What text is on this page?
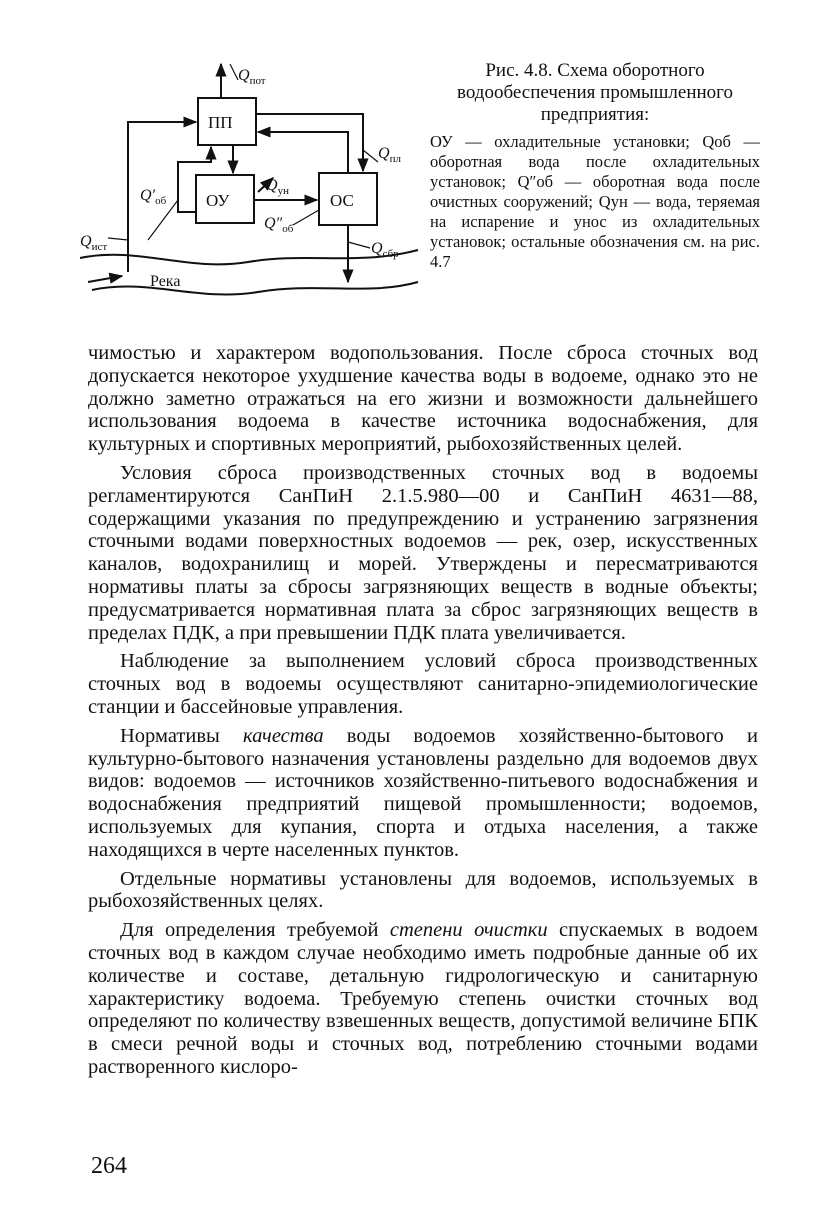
ПП
ОУ	ОС
$Q_{пот}$
$Q_{пл}$
$Q'_{об}$
$Q_{ун}$
$Q''_{об}$
$Q_{ист}$	$Q_{сбр}$
Река

Рис. 4.8. Схема оборотного водообеспечения промышленного предприятия:

ОУ — охладительные установки; Qоб — оборотная вода после охладительных установок; Q″об — оборотная вода после очистных сооружений; Qун — вода, теряемая на испарение и унос из охладительных установок; остальные обозначения см. на рис. 4.7

чимостью и характером водопользования. После сброса сточных вод допускается некоторое ухудшение качества воды в водоеме, однако это не должно заметно отражаться на его жизни и возможности дальнейшего использования водоема в качестве источника водоснабжения, для культурных и спортивных мероприятий, рыбохозяйственных целей.

Условия сброса производственных сточных вод в водоемы регламентируются СанПиН 2.1.5.980—00 и СанПиН 4631—88, содержащими указания по предупреждению и устранению загрязнения сточными водами поверхностных водоемов — рек, озер, искусственных каналов, водохранилищ и морей. Утверждены и пересматриваются нормативы платы за сбросы загрязняющих веществ в водные объекты; предусматривается нормативная плата за сброс загрязняющих веществ в пределах ПДК, а при превышении ПДК плата увеличивается.

Наблюдение за выполнением условий сброса производственных сточных вод в водоемы осуществляют санитарно-эпидемиологические станции и бассейновые управления.

Нормативы качества воды водоемов хозяйственно-бытового и культурно-бытового назначения установлены раздельно для водоемов двух видов: водоемов — источников хозяйственно-питьевого водоснабжения и водоснабжения предприятий пищевой промышленности; водоемов, используемых для купания, спорта и отдыха населения, а также находящихся в черте населенных пунктов.

Отдельные нормативы установлены для водоемов, используемых в рыбохозяйственных целях.

Для определения требуемой степени очистки спускаемых в водоем сточных вод в каждом случае необходимо иметь подробные данные об их количестве и составе, детальную гидрологическую и санитарную характеристику водоема. Требуемую степень очистки сточных вод определяют по количеству взвешенных веществ, допустимой величине БПК в смеси речной воды и сточных вод, потреблению сточными водами растворенного кислоро-

264
